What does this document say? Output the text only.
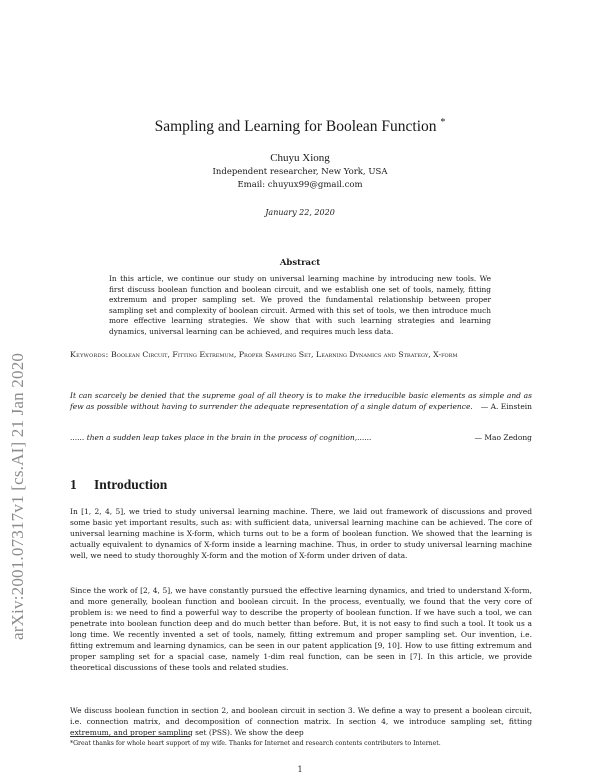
arXiv:2001.07317v1 [cs.AI] 21 Jan 2020
Sampling and Learning for Boolean Function *
Chuyu Xiong
Independent researcher, New York, USA
Email: chuyux99@gmail.com
January 22, 2020
Abstract
In this article, we continue our study on universal learning machine by introducing new tools. We first discuss boolean function and boolean circuit, and we establish one set of tools, namely, fitting extremum and proper sampling set. We proved the fundamental relationship between proper sampling set and complexity of boolean circuit. Armed with this set of tools, we then introduce much more effective learning strategies. We show that with such learning strategies and learning dynamics, universal learning can be achieved, and requires much less data.
Keywords: Boolean Circuit, Fitting Extremum, Proper Sampling Set, Learning Dynamics and Strategy, X-form
It can scarcely be denied that the supreme goal of all theory is to make the irreducible basic elements as simple and as few as possible without having to surrender the adequate representation of a single datum of experience. — A. Einstein
...... then a sudden leap takes place in the brain in the process of cognition,......	— Mao Zedong
1 Introduction
In [1, 2, 4, 5], we tried to study universal learning machine. There, we laid out framework of discussions and proved some basic yet important results, such as: with sufficient data, universal learning machine can be achieved. The core of universal learning machine is X-form, which turns out to be a form of boolean function. We showed that the learning is actually equivalent to dynamics of X-form inside a learning machine. Thus, in order to study universal learning machine well, we need to study thoroughly X-form and the motion of X-form under driven of data.
Since the work of [2, 4, 5], we have constantly pursued the effective learning dynamics, and tried to understand X-form, and more generally, boolean function and boolean circuit. In the process, eventually, we found that the very core of problem is: we need to find a powerful way to describe the property of boolean function. If we have such a tool, we can penetrate into boolean function deep and do much better than before. But, it is not easy to find such a tool. It took us a long time. We recently invented a set of tools, namely, fitting extremum and proper sampling set. Our invention, i.e. fitting extremum and learning dynamics, can be seen in our patent application [9, 10]. How to use fitting extremum and proper sampling set for a spacial case, namely 1-dim real function, can be seen in [7]. In this article, we provide theoretical discussions of these tools and related studies.
We discuss boolean function in section 2, and boolean circuit in section 3. We define a way to present a boolean circuit, i.e. connection matrix, and decomposition of connection matrix. In section 4, we introduce sampling set, fitting extremum, and proper sampling set (PSS). We show the deep
*Great thanks for whole heart support of my wife. Thanks for Internet and research contents contributers to Internet.
1
